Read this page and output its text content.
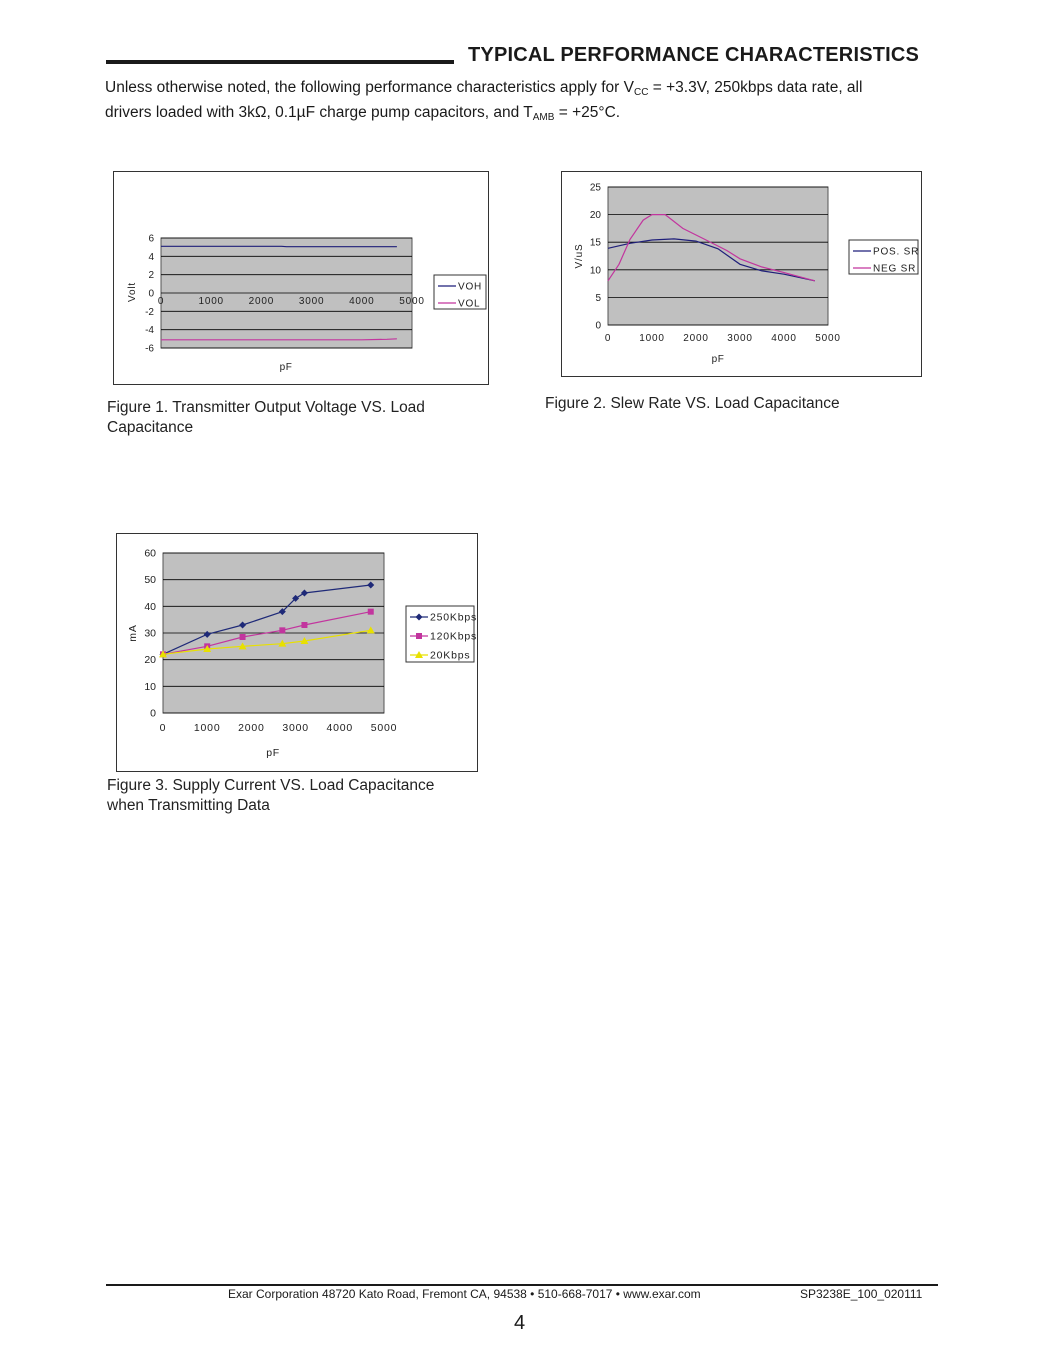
TYPICAL PERFORMANCE CHARACTERISTICS
Unless otherwise noted, the following performance characteristics apply for $V_{CC} = +3.3V$, 250kbps data rate, all
drivers loaded with 3kΩ, 0.1µF charge pump capacitors, and $T_{AMB} = +25^\circ C$.
6
4
2
0
-2
-4
-6
0	1000 2000 3000 4000 5000
pF
Volt	VOH
VOL
Figure 1. Transmitter Output Voltage VS. Load
Capacitance
25
20
15
10
5
0
0	1000 2000 3000 4000 5000
pF
V/uS	POS. SR
NEG SR
Figure 2. Slew Rate VS. Load Capacitance
60
50
40
30
20
10
0
0	1000 2000 3000 4000 5000
pF
mA
250Kbps
120Kbps
20Kbps
Figure 3. Supply Current VS. Load Capacitance
when Transmitting Data
Exar Corporation 48720 Kato Road, Fremont CA, 94538 • 510-668-7017 • www.exar.com	SP3238E_100_020111
4
